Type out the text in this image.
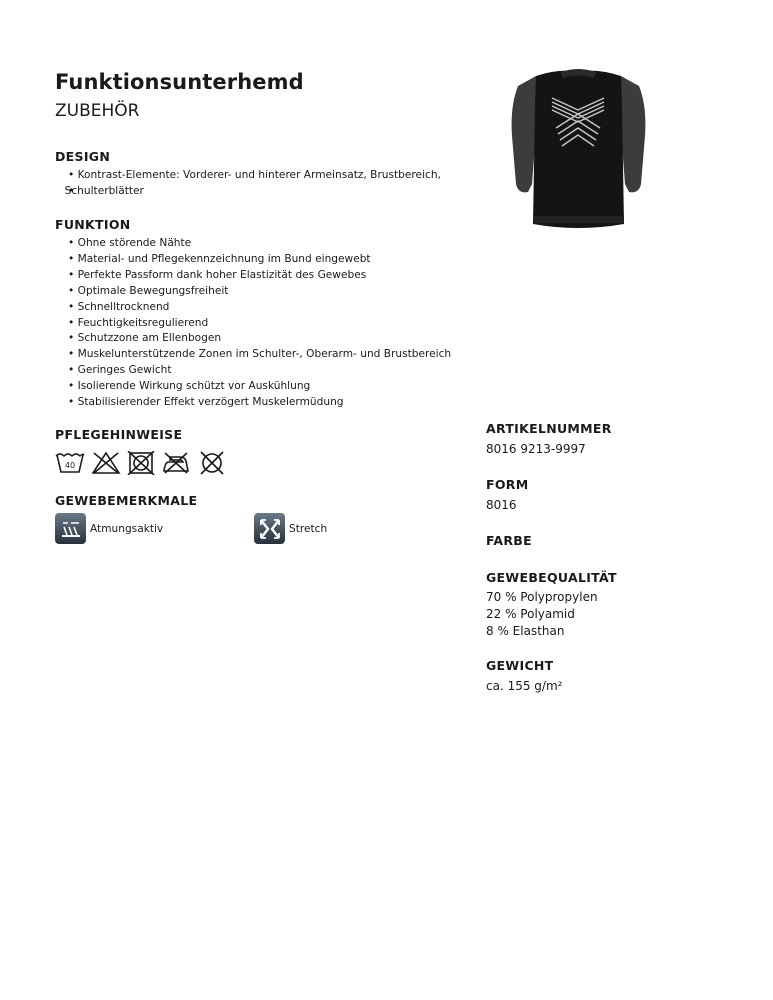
Funktionsunterhemd
ZUBEHÖR
DESIGN
• Kontrast-Elemente: Vorderer- und hinterer Armeinsatz, Brustbereich,
• Schulterblätter
FUNKTION
• Ohne störende Nähte
• Material- und Pflegekennzeichnung im Bund eingewebt
• Perfekte Passform dank hoher Elastizität des Gewebes
• Optimale Bewegungsfreiheit
• Schnelltrocknend
• Feuchtigkeitsregulierend
• Schutzzone am Ellenbogen
• Muskelunterstützende Zonen im Schulter-, Oberarm- und Brustbereich
• Geringes Gewicht
• Isolierende Wirkung schützt vor Auskühlung
• Stabilisierender Effekt verzögert Muskelermüdung
PFLEGEHINWEISE
40
GEWEBEMERKMALE
Atmungsaktiv	Stretch
ARTIKELNUMMER

8016 9213-9997

FORM

8016

FARBE
GEWEBEQUALITÄT

70 % Polypropylen

22 % Polyamid

8 % Elasthan

GEWICHT

ca. 155 g/m²
